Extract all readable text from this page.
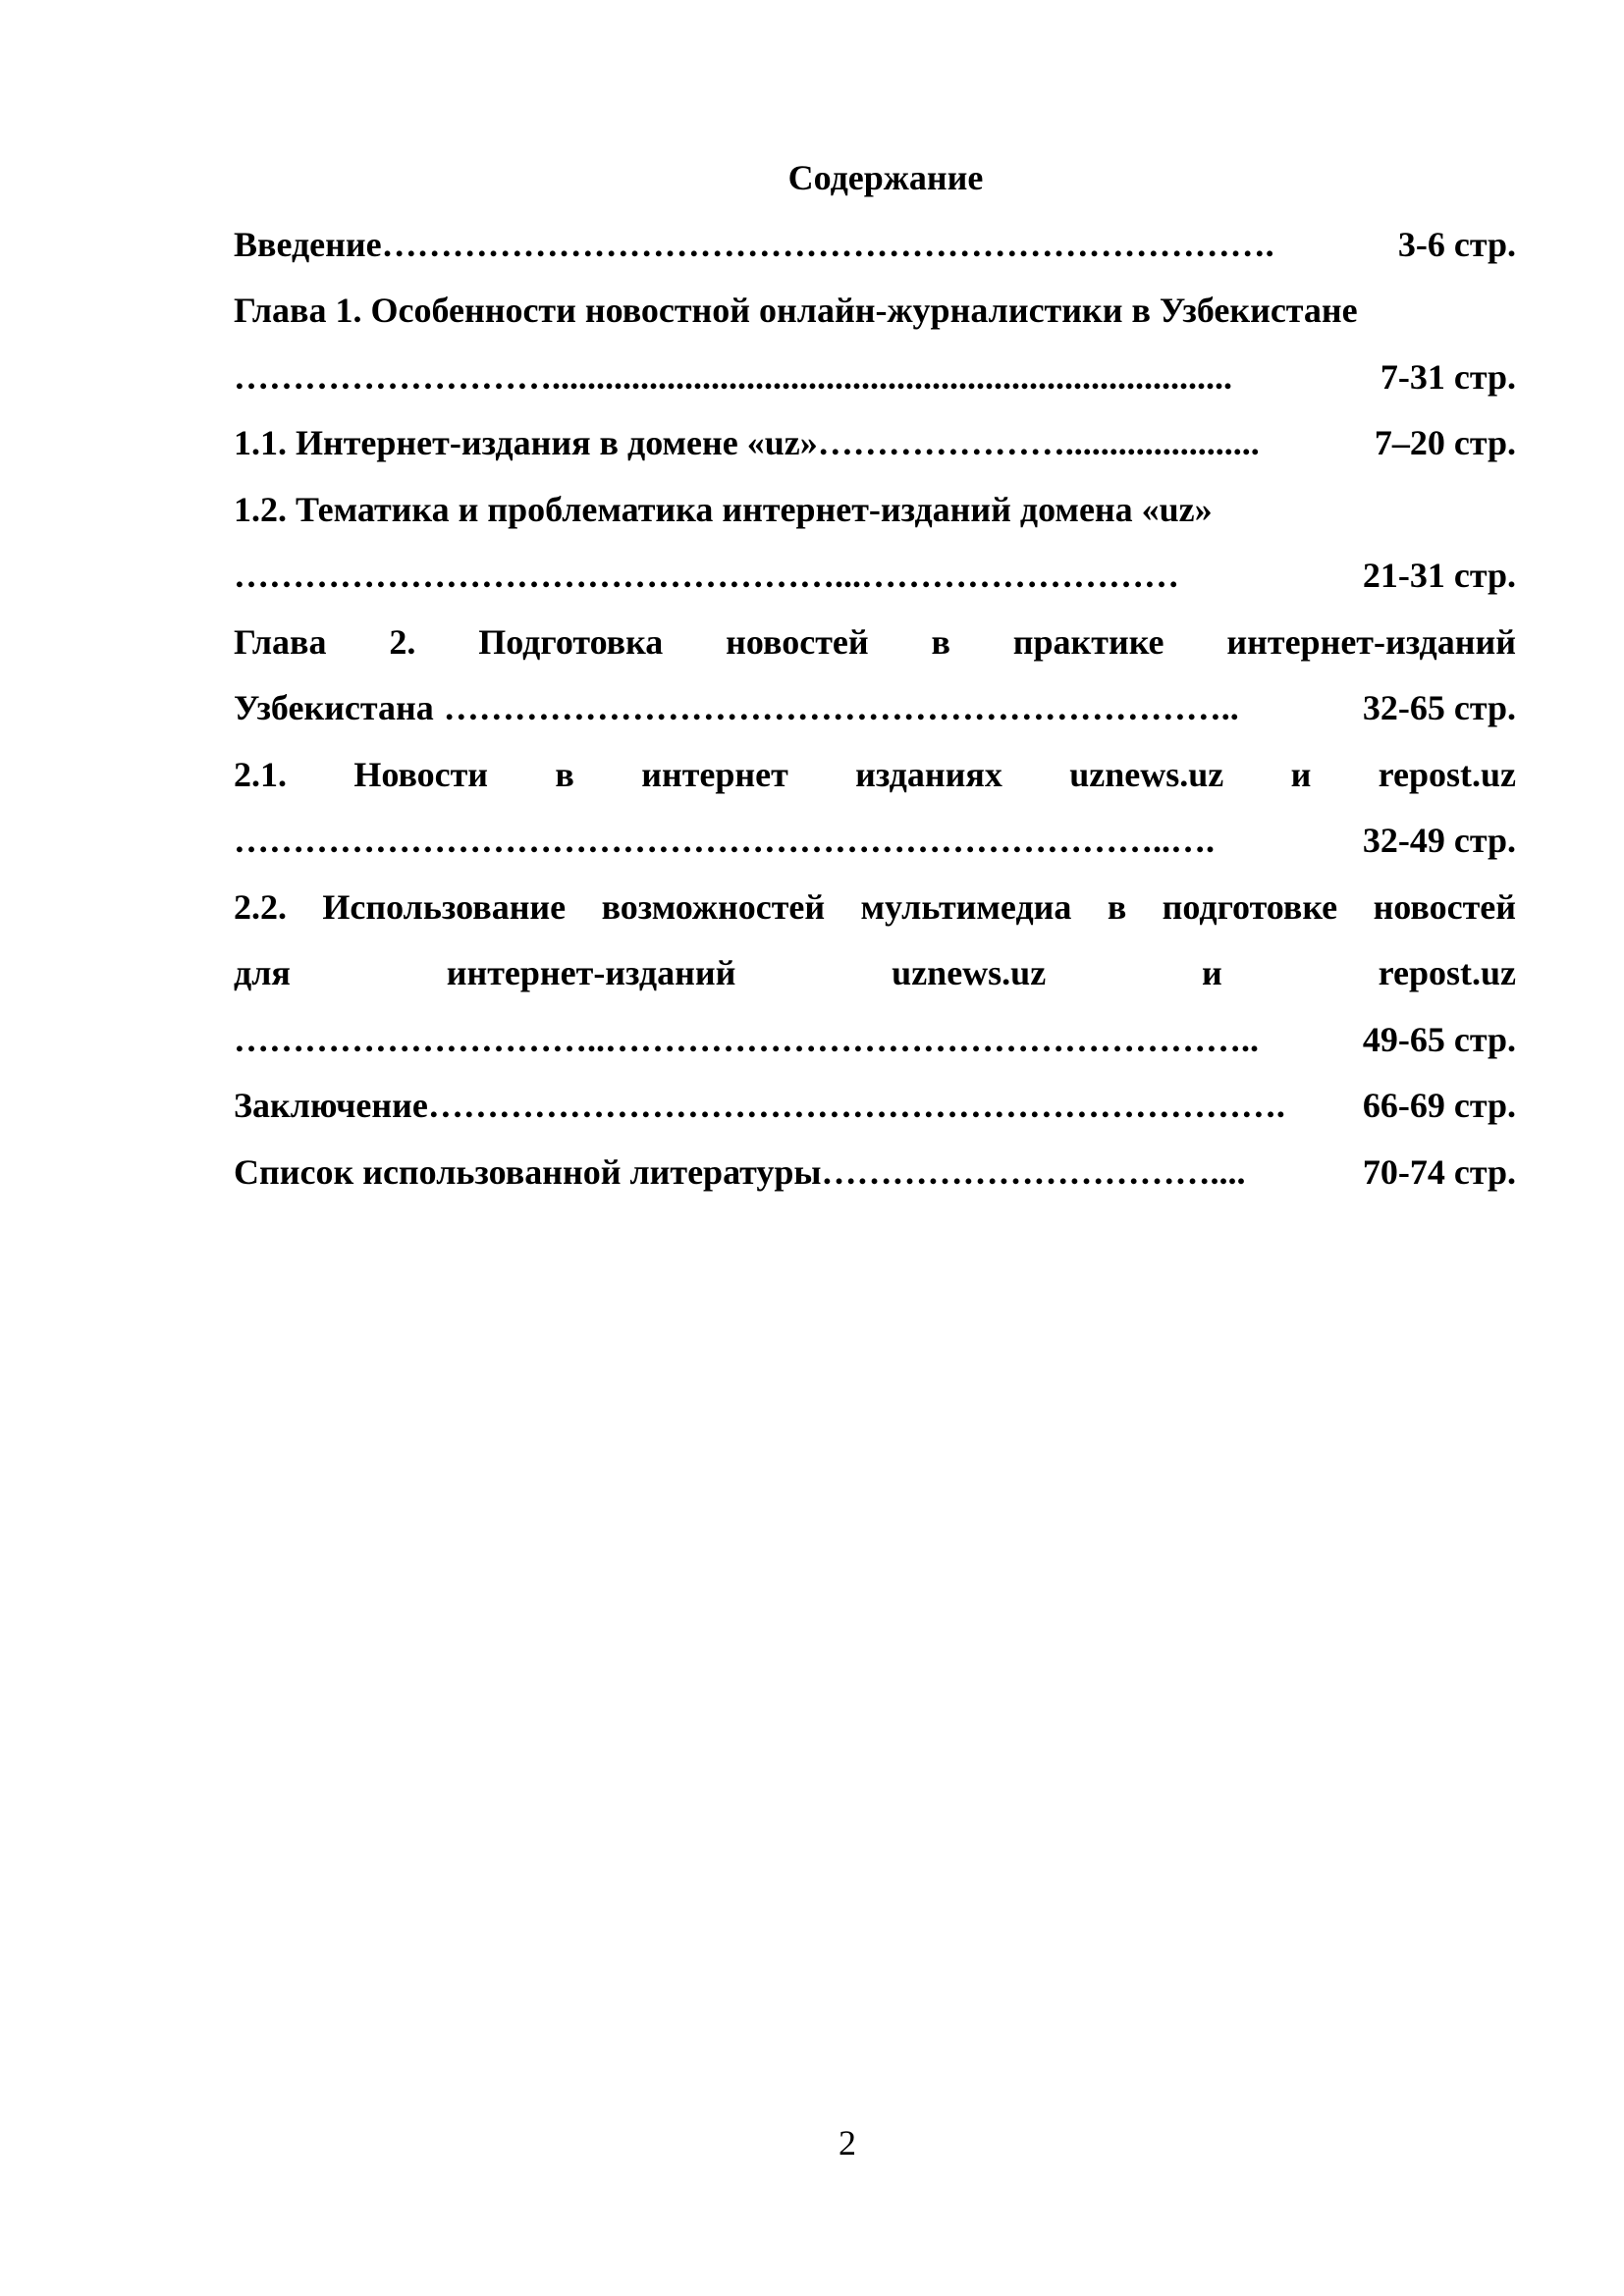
Содержание
Введение ………………………………………………………………….	3-6 стр.
Глава 1. Особенности новостной онлайн-журналистики в Узбекистане
……………………….............................................................................	7-31 стр.
1.1. Интернет-издания в домене «uz» …………………......................	7–20 стр.
1.2. Тематика и проблематика интернет-изданий домена «uz»
……………………………………………...………………………	21-31 стр.
Глава 2. Подготовка новостей в практике интернет-изданий
Узбекистана …………………………………………………………..	32-65 стр.
2.1. Новости в интернет изданиях uznews.uz и repost.uz
……………………………………………………………………..….	32-49 стр.
2.2. Использование возможностей мультимедиа в подготовке новостей
для	интернет-изданий	uznews.uz	и	repost.uz
…………………………..………………………………………………..	49-65 стр.
Заключение ……………………………………………………………….	66-69 стр.
Список использованной литературы ……………………………....	70-74 стр.
2
